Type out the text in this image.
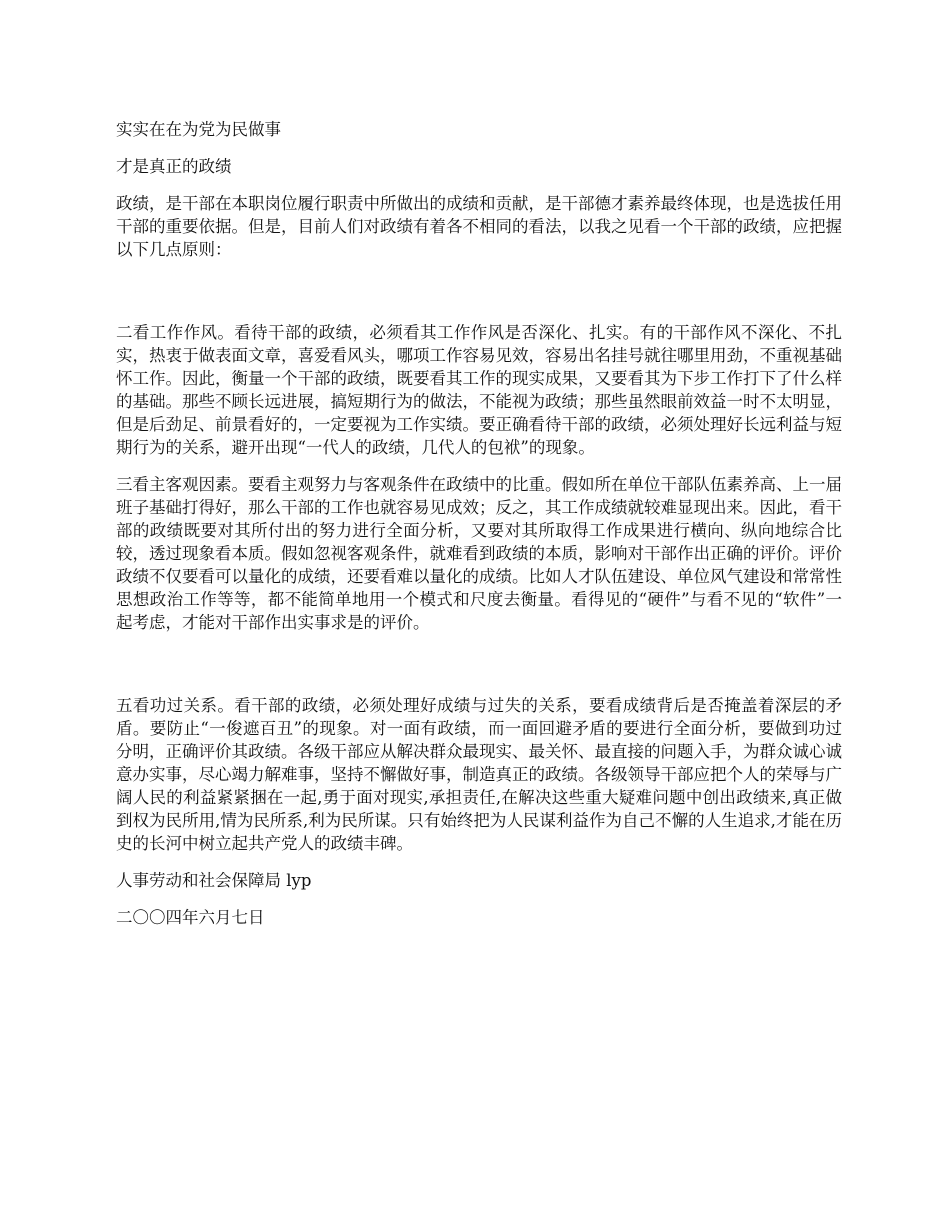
实实在在为党为民做事

才是真正的政绩

政绩，是干部在本职岗位履行职责中所做出的成绩和贡献，是干部德才素养最终体现，也是选拔任用干部的重要依据。但是，目前人们对政绩有着各不相同的看法，以我之见看一个干部的政绩，应把握以下几点原则：

二看工作作风。看待干部的政绩，必须看其工作作风是否深化、扎实。有的干部作风不深化、不扎实，热衷于做表面文章，喜爱看风头，哪项工作容易见效，容易出名挂号就往哪里用劲，不重视基础怀工作。因此，衡量一个干部的政绩，既要看其工作的现实成果，又要看其为下步工作打下了什么样的基础。那些不顾长远进展，搞短期行为的做法，不能视为政绩；那些虽然眼前效益一时不太明显，但是后劲足、前景看好的，一定要视为工作实绩。要正确看待干部的政绩，必须处理好长远利益与短期行为的关系，避开出现“一代人的政绩，几代人的包袱”的现象。

三看主客观因素。要看主观努力与客观条件在政绩中的比重。假如所在单位干部队伍素养高、上一届班子基础打得好，那么干部的工作也就容易见成效；反之，其工作成绩就较难显现出来。因此，看干部的政绩既要对其所付出的努力进行全面分析，又要对其所取得工作成果进行横向、纵向地综合比较，透过现象看本质。假如忽视客观条件，就难看到政绩的本质，影响对干部作出正确的评价。评价政绩不仅要看可以量化的成绩，还要看难以量化的成绩。比如人才队伍建设、单位风气建设和常常性思想政治工作等等，都不能简单地用一个模式和尺度去衡量。看得见的“硬件”与看不见的“软件”一起考虑，才能对干部作出实事求是的评价。

五看功过关系。看干部的政绩，必须处理好成绩与过失的关系，要看成绩背后是否掩盖着深层的矛盾。要防止“一俊遮百丑”的现象。对一面有政绩，而一面回避矛盾的要进行全面分析，要做到功过分明，正确评价其政绩。各级干部应从解决群众最现实、最关怀、最直接的问题入手，为群众诚心诚意办实事，尽心竭力解难事，坚持不懈做好事，制造真正的政绩。各级领导干部应把个人的荣辱与广阔人民的利益紧紧捆在一起,勇于面对现实,承担责任,在解决这些重大疑难问题中创出政绩来,真正做到权为民所用,情为民所系,利为民所谋。只有始终把为人民谋利益作为自己不懈的人生追求,才能在历史的长河中树立起共产党人的政绩丰碑。

人事劳动和社会保障局 lyp

二〇〇四年六月七日
